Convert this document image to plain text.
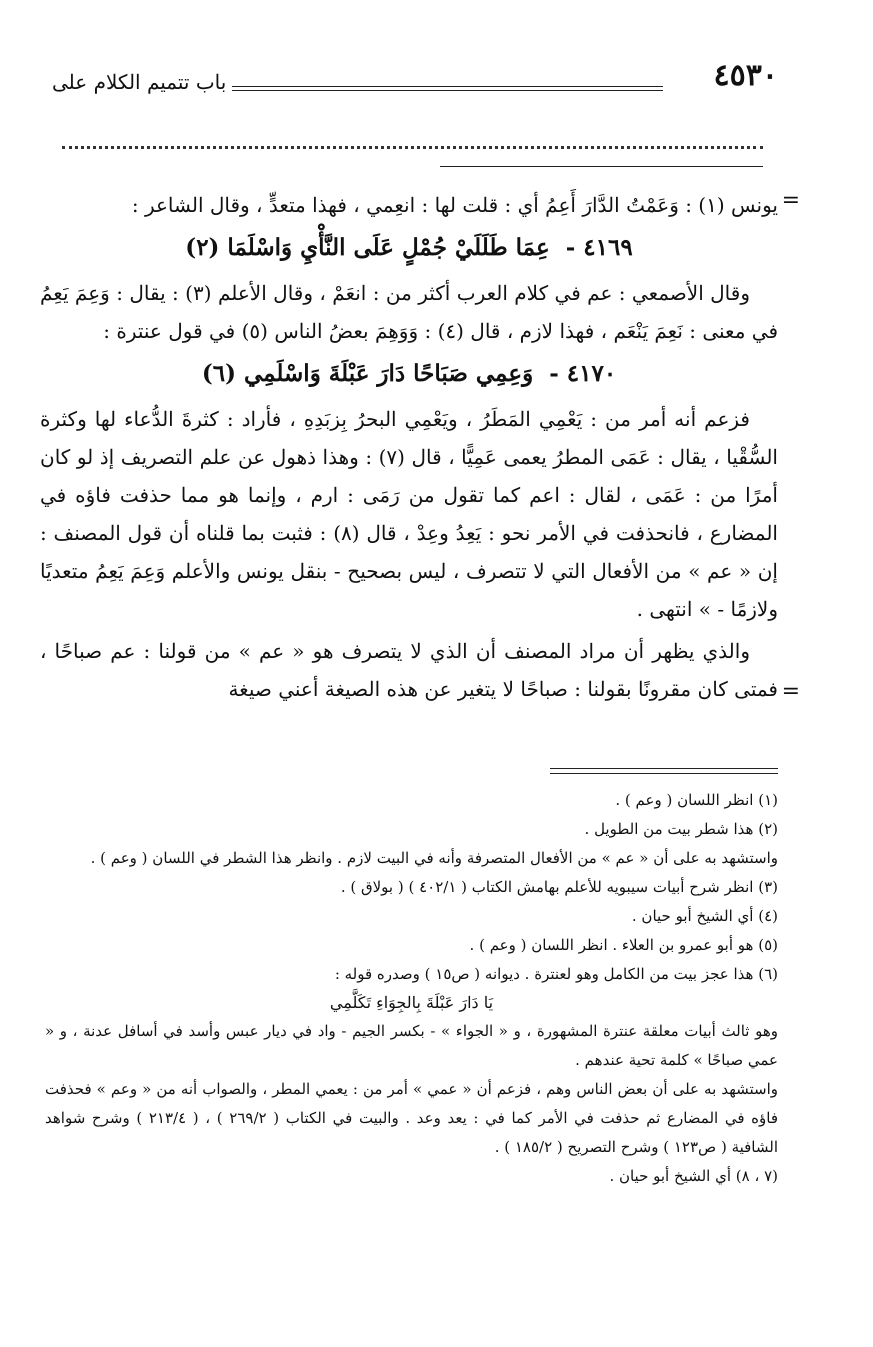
٤٥٣٠
باب تتميم الكلام على
=

يونس (١) : وَعَمْتُ الدَّارَ أَعِمُ أي : قلت لها : انعِمي ، فهذا متعدٍّ ، وقال الشاعر :

٤١٦٩ - عِمَا طَلَلَيْ جُمْلٍ عَلَى النَّأْيِ وَاسْلَمَا (٢)

وقال الأصمعي : عم في كلام العرب أكثر من : انعَمْ ، وقال الأعلم (٣) : يقال : وَعِمَ يَعِمُ في معنى : نَعِمَ يَنْعَم ، فهذا لازم ، قال (٤) : وَوَهِمَ بعضُ الناس (٥) في قول عنترة :

٤١٧٠ - وَعِمِي صَبَاحًا دَارَ عَبْلَةَ وَاسْلَمِي (٦)

فزعم أنه أمر من : يَعْمِي المَطَرُ ، ويَعْمِي البحرُ بِزبَدِهِ ، فأراد : كثرةَ الدُّعاء لها وكثرة السُّقْيا ، يقال : عَمَى المطرُ يعمى عَمِيًّا ، قال (٧) : وهذا ذهول عن علم التصريف إذ لو كان أمرًا من : عَمَى ، لقال : اعم كما تقول من رَمَى : ارم ، وإنما هو مما حذفت فاؤه في المضارع ، فانحذفت في الأمر نحو : يَعِدُ وعِدْ ، قال (٨) : فثبت بما قلناه أن قول المصنف : إن « عم » من الأفعال التي لا تتصرف ، ليس بصحيح - بنقل يونس والأعلم وَعِمَ يَعِمُ متعديًا ولازمًا - » انتهى .

والذي يظهر أن مراد المصنف أن الذي لا يتصرف هو « عم » من قولنا : عم صباحًا ، فمتى كان مقرونًا بقولنا : صباحًا لا يتغير عن هذه الصيغة أعني صيغة =

(١) انظر اللسان ( وعم ) .

(٢) هذا شطر بيت من الطويل .

واستشهد به على أن « عم » من الأفعال المتصرفة وأنه في البيت لازم . وانظر هذا الشطر في اللسان ( وعم ) .

(٣) انظر شرح أبيات سيبويه للأعلم بهامش الكتاب ( ٤٠٢/١ ) ( بولاق ) .

(٤) أي الشيخ أبو حيان .

(٥) هو أبو عمرو بن العلاء . انظر اللسان ( وعم ) .

(٦) هذا عجز بيت من الكامل وهو لعنترة . ديوانه ( ص١٥ ) وصدره قوله :

يَا دَارَ عَبْلَةَ بِالجِوَاءِ تَكَلَّمِي

وهو ثالث أبيات معلقة عنترة المشهورة ، و « الجواء » - بكسر الجيم - واد في ديار عبس وأسد في أسافل عدنة ، و « عمي صباحًا » كلمة تحية عندهم .

واستشهد به على أن بعض الناس وهم ، فزعم أن « عمي » أمر من : يعمي المطر ، والصواب أنه من « وعم » فحذفت فاؤه في المضارع ثم حذفت في الأمر كما في : يعد وعد . والبيت في الكتاب ( ٢٦٩/٢ ) ، ( ٢١٣/٤ ) وشرح شواهد الشافية ( ص١٢٣ ) وشرح التصريح ( ١٨٥/٢ ) .

(٧ ، ٨) أي الشيخ أبو حيان .
